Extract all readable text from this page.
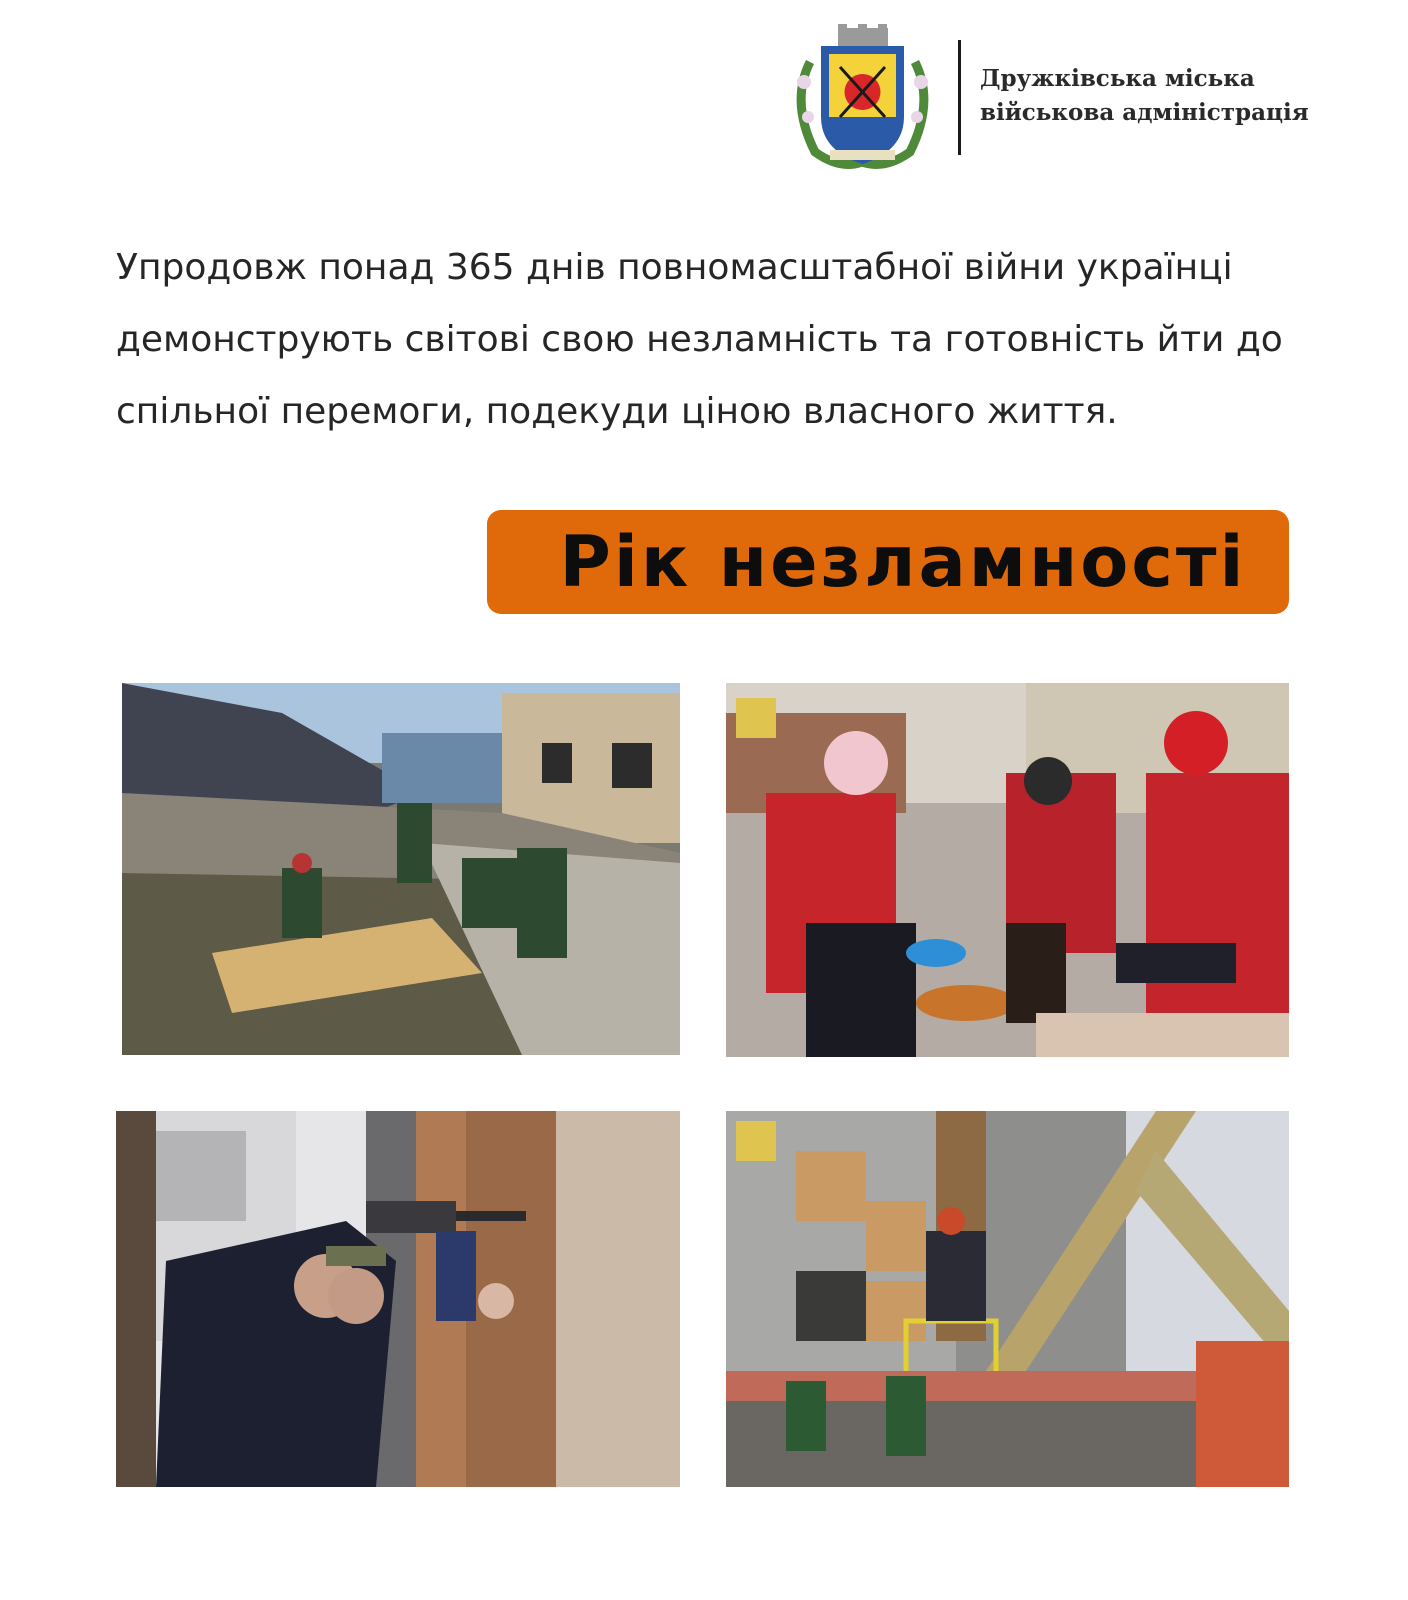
Дружківська міська
військова адміністрація
Упродовж понад 365 днів повномасштабної війни українці
демонструють світові свою незламність та готовність йти до
спільної перемоги, подекуди ціною власного життя.
Рік незламності
